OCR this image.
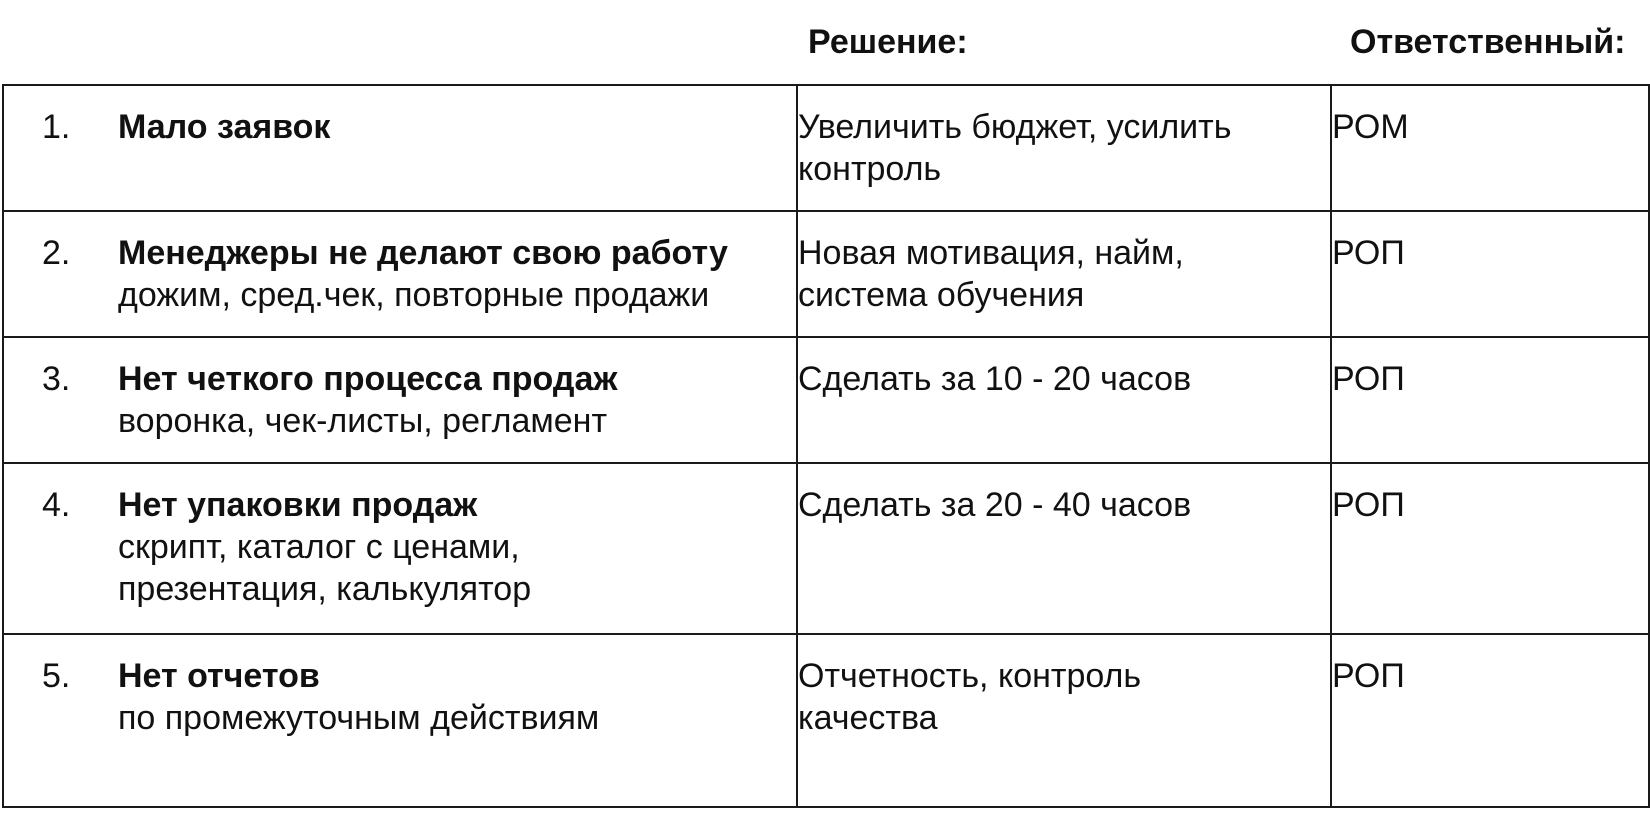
Решение:	Ответственный:
1. Мало заявок	Увеличить бюджет, усилить
контроль	РОМ

2. Менеджеры не делают свою работу
дожим, сред.чек, повторные продажи	Новая мотивация, найм,
система обучения	РОП

3. Нет четкого процесса продаж
воронка, чек-листы, регламент	Сделать за 10 - 20 часов	РОП

4. Нет упаковки продаж
скрипт, каталог с ценами,
презентация, калькулятор	Сделать за 20 - 40 часов	РОП

5. Нет отчетов
по промежуточным действиям	Отчетность, контроль
качества	РОП
